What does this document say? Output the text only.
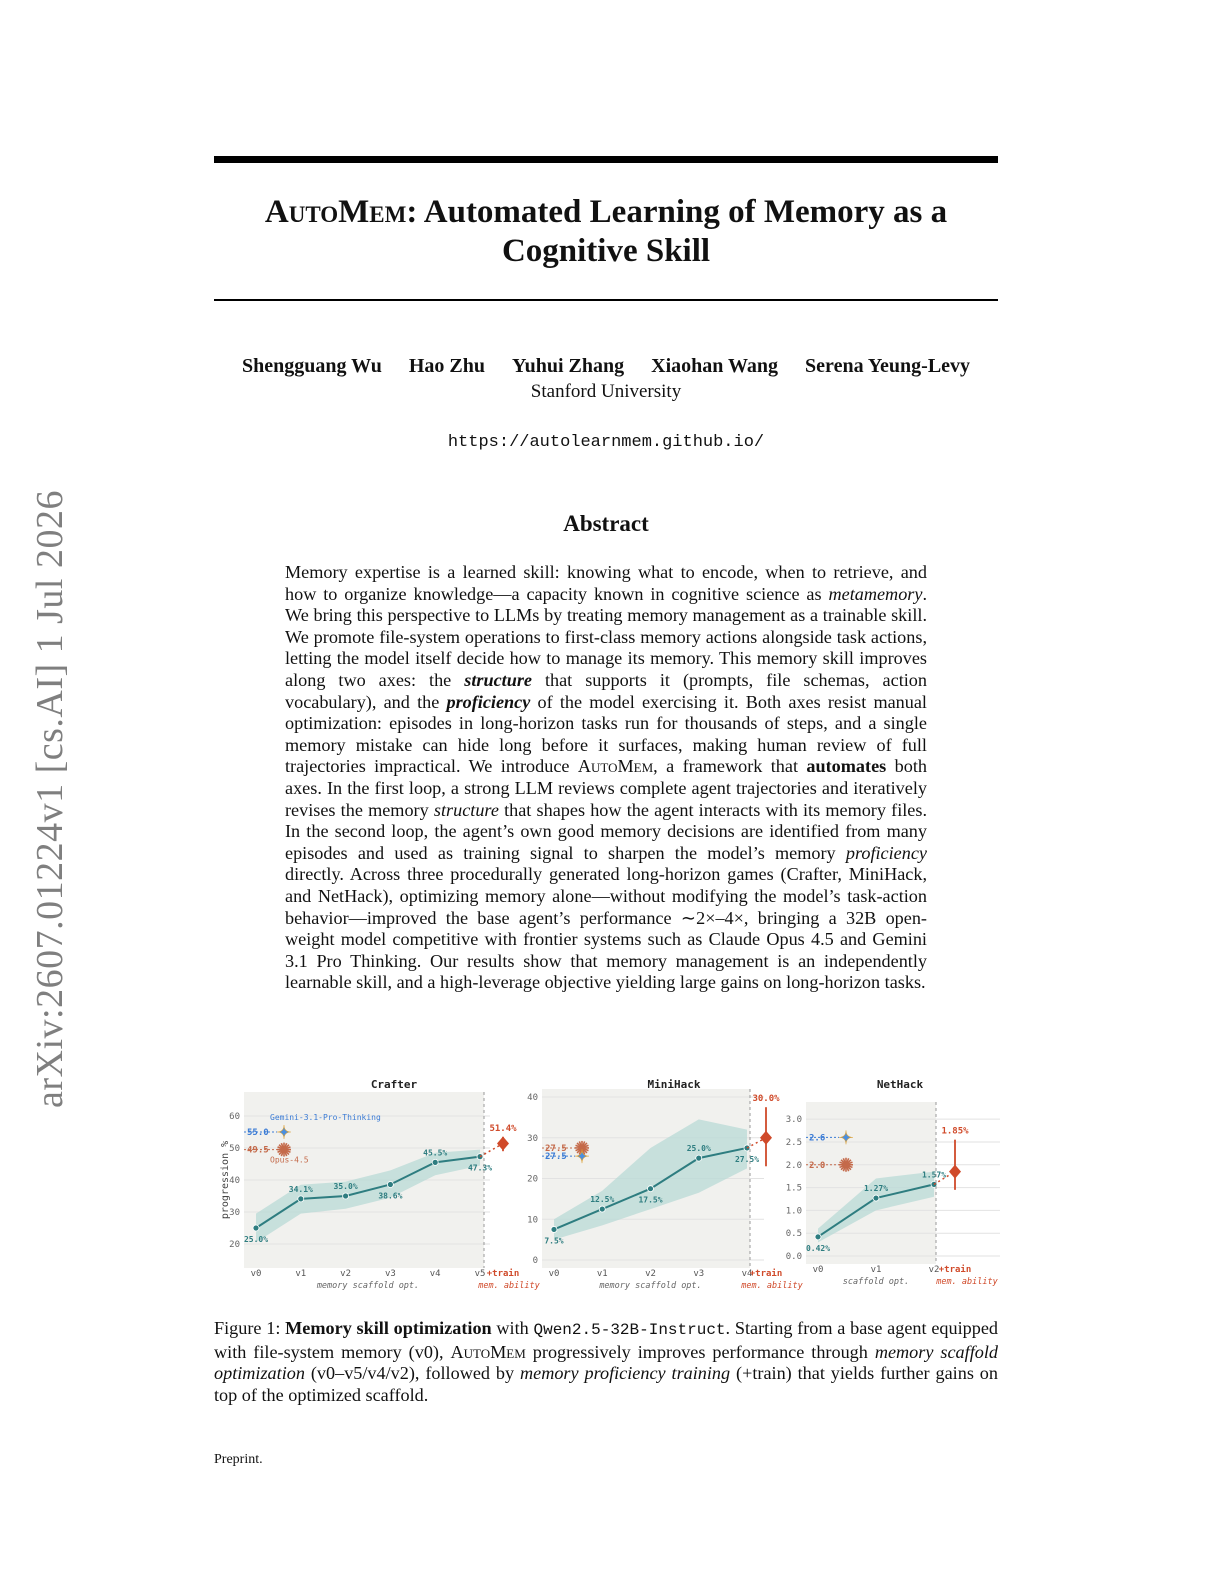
arXiv:2607.01224v1 [cs.AI] 1 Jul 2026
AutoMem: Automated Learning of Memory as a
Cognitive Skill
Shengguang Wu Hao Zhu Yuhui Zhang Xiaohan Wang Serena Yeung-Levy
Stanford University
https://autolearnmem.github.io/
Abstract
Memory expertise is a learned skill: knowing what to encode, when to retrieve, and how to organize knowledge—a capacity known in cognitive science as metamemory. We bring this perspective to LLMs by treating memory management as a trainable skill. We promote file-system operations to first-class memory actions alongside task actions, letting the model itself decide how to manage its memory. This memory skill improves along two axes: the structure that supports it (prompts, file schemas, action vocabulary), and the proficiency of the model exercising it. Both axes resist manual optimization: episodes in long-horizon tasks run for thousands of steps, and a single memory mistake can hide long before it surfaces, making human review of full trajectories impractical. We introduce AutoMem, a framework that automates both axes. In the first loop, a strong LLM reviews complete agent trajectories and iteratively revises the memory structure that shapes how the agent interacts with its memory files. In the second loop, the agent’s own good memory decisions are identified from many episodes and used as training signal to sharpen the model’s memory proficiency directly. Across three procedurally generated long-horizon games (Crafter, MiniHack, and NetHack), optimizing memory alone—without modifying the model’s task-action behavior—improved the base agent’s performance ∼2×–4×, bringing a 32B open-weight model competitive with frontier systems such as Claude Opus 4.5 and Gemini 3.1 Pro Thinking. Our results show that memory management is an independently learnable skill, and a high-leverage objective yielding large gains on long-horizon tasks.
20
30
40
50
60
Crafter
progression %
25.0%
34.1%	35.0%
38.6%
45.5%
47.3%
51.4%
55.0
Gemini-3.1-Pro-Thinking
49.5
Opus-4.5
v0	v1	v2	v3	v4	v5 +train
memory scaffold opt.	mem. ability
0
10
20
30
40
MiniHack
7.5%
12.5%	17.5%
25.0%
27.5%
30.0%
27.5
27.5
v0	v1	v2	v3	v4
+train
memory scaffold opt.	mem. ability
0.0
0.5
1.0
1.5
2.0
2.5
3.0
NetHack
0.42%
1.27%
1.57%
1.85%
2.6
2.0
v0	v1	v2 +train
scaffold opt.	mem. ability
Figure 1: Memory skill optimization with Qwen2.5-32B-Instruct. Starting from a base agent equipped with file-system memory (v0), AutoMem progressively improves performance through memory scaffold optimization (v0–v5/v4/v2), followed by memory proficiency training (+train) that yields further gains on top of the optimized scaffold.
Preprint.
